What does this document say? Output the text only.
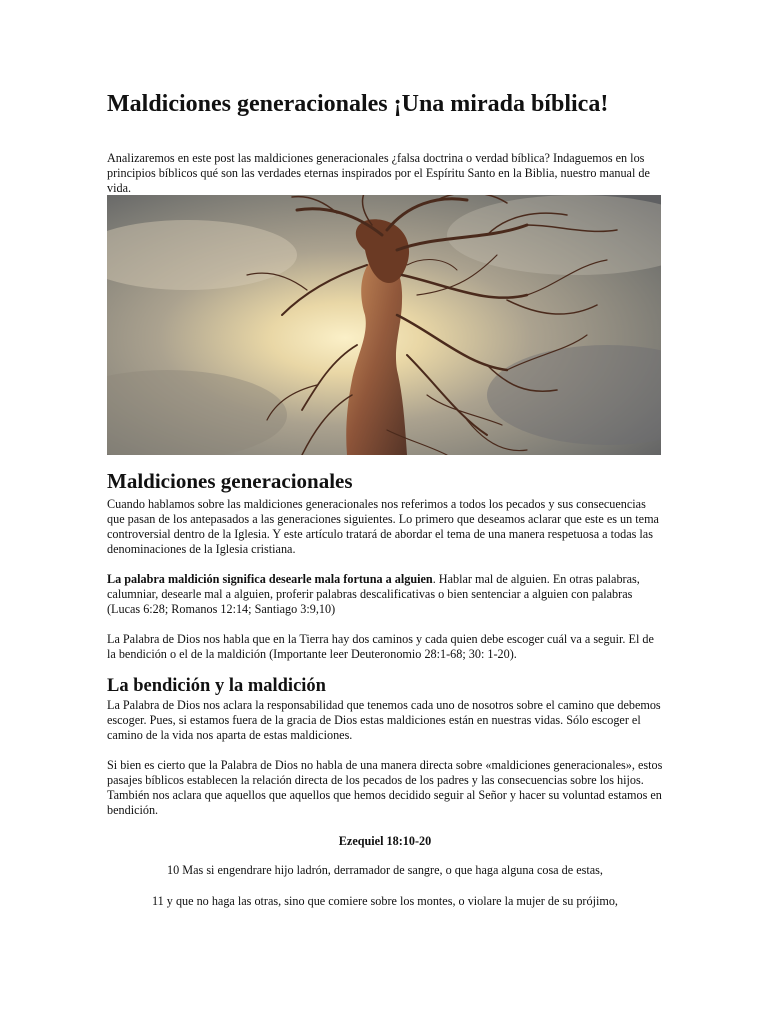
Maldiciones generacionales ¡Una mirada bíblica!

Analizaremos en este post las maldiciones generacionales ¿falsa doctrina o verdad bíblica? Indaguemos en los principios bíblicos qué son las verdades eternas inspirados por el Espíritu Santo en la Biblia, nuestro manual de vida.

Maldiciones generacionales

Cuando hablamos sobre las maldiciones generacionales nos referimos a todos los pecados y sus consecuencias que pasan de los antepasados a las generaciones siguientes. Lo primero que deseamos aclarar que este es un tema controversial dentro de la Iglesia. Y este artículo tratará de abordar el tema de una manera respetuosa a todas las denominaciones de la Iglesia cristiana.

La palabra maldición significa desearle mala fortuna a alguien. Hablar mal de alguien. En otras palabras, calumniar, desearle mal a alguien, proferir palabras descalificativas o bien sentenciar a alguien con palabras (Lucas 6:28; Romanos 12:14; Santiago 3:9,10)

La Palabra de Dios nos habla que en la Tierra hay dos caminos y cada quien debe escoger cuál va a seguir. El de la bendición o el de la maldición (Importante leer Deuteronomio 28:1-68; 30: 1-20).

La bendición y la maldición

La Palabra de Dios nos aclara la responsabilidad que tenemos cada uno de nosotros sobre el camino que debemos escoger. Pues, si estamos fuera de la gracia de Dios estas maldiciones están en nuestras vidas. Sólo escoger el camino de la vida nos aparta de estas maldiciones.

Si bien es cierto que la Palabra de Dios no habla de una manera directa sobre «maldiciones generacionales», estos pasajes bíblicos establecen la relación directa de los pecados de los padres y las consecuencias sobre los hijos. También nos aclara que aquellos que aquellos que hemos decidido seguir al Señor y hacer su voluntad estamos en bendición.

Ezequiel 18:10-20

10 Mas si engendrare hijo ladrón, derramador de sangre, o que haga alguna cosa de estas,

11 y que no haga las otras, sino que comiere sobre los montes, o violare la mujer de su prójimo,
